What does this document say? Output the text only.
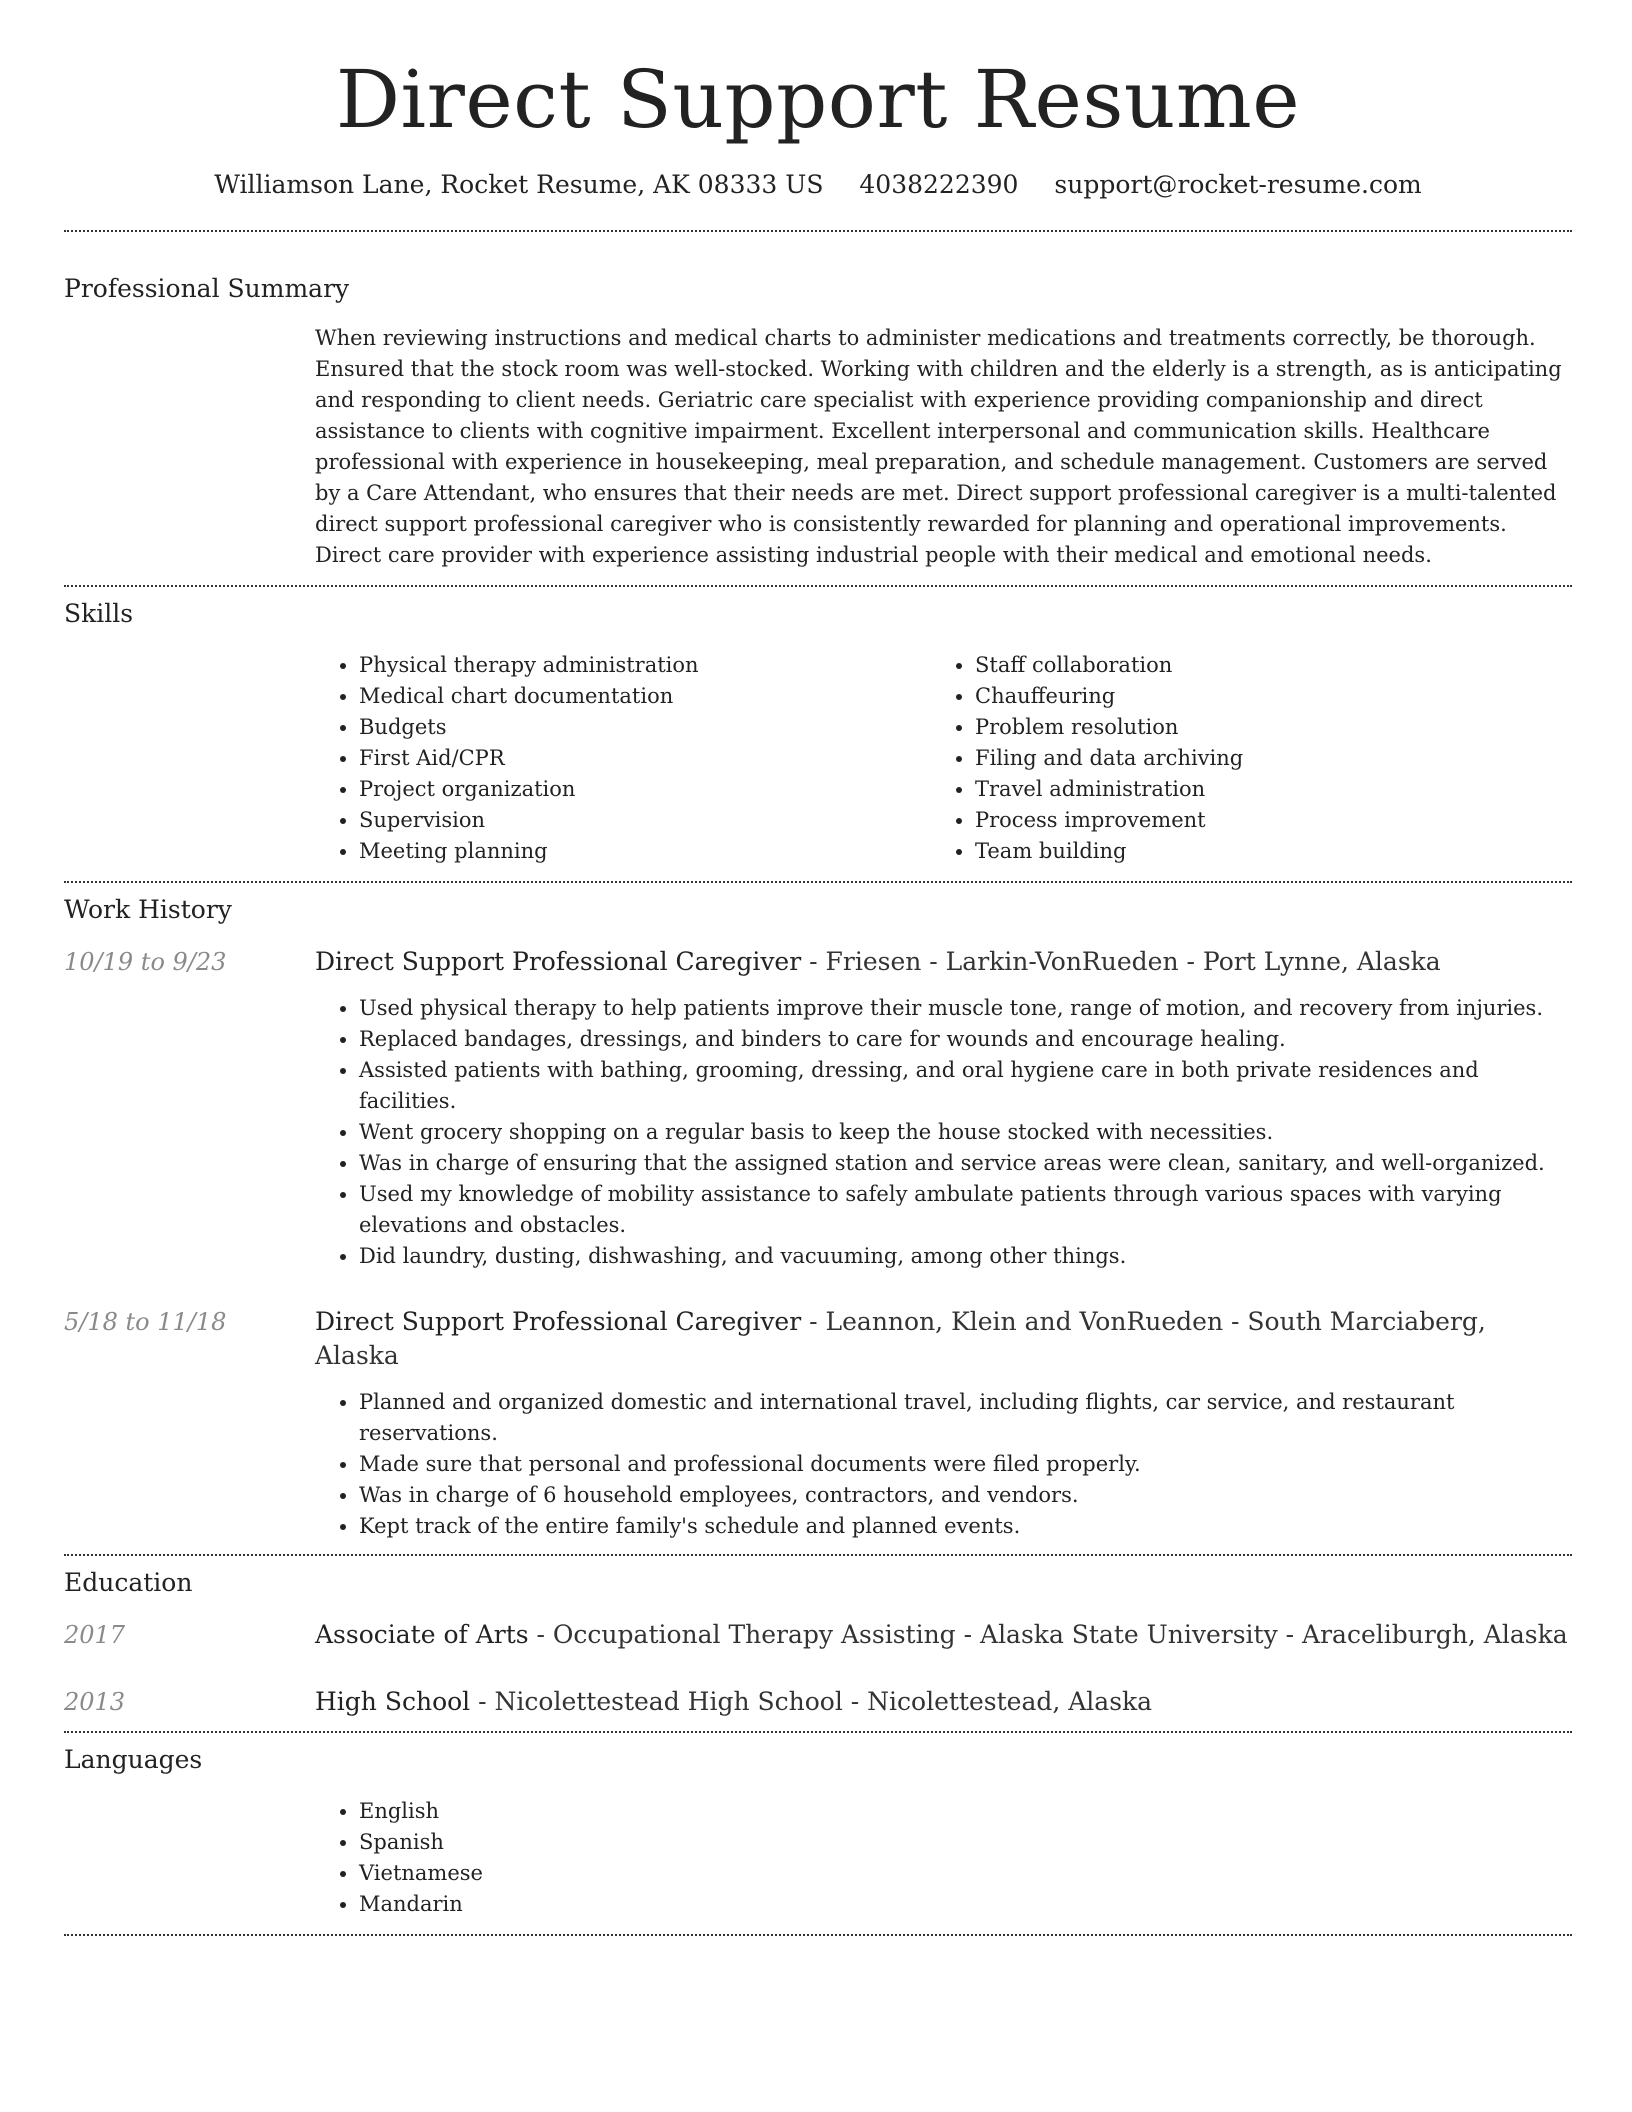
Direct Support Resume
Williamson Lane, Rocket Resume, AK 08333 US 4038222390 support@rocket-resume.com
Professional Summary

When reviewing instructions and medical charts to administer medications and treatments correctly, be thorough. Ensured that the stock room was well-stocked. Working with children and the elderly is a strength, as is anticipating and responding to client needs. Geriatric care specialist with experience providing companionship and direct assistance to clients with cognitive impairment. Excellent interpersonal and communication skills. Healthcare professional with experience in housekeeping, meal preparation, and schedule management. Customers are served by a Care Attendant, who ensures that their needs are met. Direct support professional caregiver is a multi-talented direct support professional caregiver who is consistently rewarded for planning and operational improvements. Direct care provider with experience assisting industrial people with their medical and emotional needs.

Skills
• Physical therapy administration
• Medical chart documentation
• Budgets
• First Aid/CPR
• Project organization
• Supervision
• Meeting planning
• Staff collaboration
• Chauffeuring
• Problem resolution
• Filing and data archiving
• Travel administration
• Process improvement
• Team building
Work History
10/19 to 9/23	Direct Support Professional Caregiver - Friesen - Larkin-VonRueden - Port Lynne, Alaska
• Used physical therapy to help patients improve their muscle tone, range of motion, and recovery from injuries.
• Replaced bandages, dressings, and binders to care for wounds and encourage healing.
• Assisted patients with bathing, grooming, dressing, and oral hygiene care in both private residences and facilities.
• Went grocery shopping on a regular basis to keep the house stocked with necessities.
• Was in charge of ensuring that the assigned station and service areas were clean, sanitary, and well-organized.
• Used my knowledge of mobility assistance to safely ambulate patients through various spaces with varying elevations and obstacles.
• Did laundry, dusting, dishwashing, and vacuuming, among other things.
5/18 to 11/18	Direct Support Professional Caregiver - Leannon, Klein and VonRueden - South Marciaberg, Alaska
• Planned and organized domestic and international travel, including flights, car service, and restaurant reservations.
• Made sure that personal and professional documents were filed properly.
• Was in charge of 6 household employees, contractors, and vendors.
• Kept track of the entire family's schedule and planned events.
Education
2017	Associate of Arts - Occupational Therapy Assisting - Alaska State University - Araceliburgh, Alaska
2013	High School - Nicolettestead High School - Nicolettestead, Alaska
Languages
• English
• Spanish
• Vietnamese
• Mandarin
